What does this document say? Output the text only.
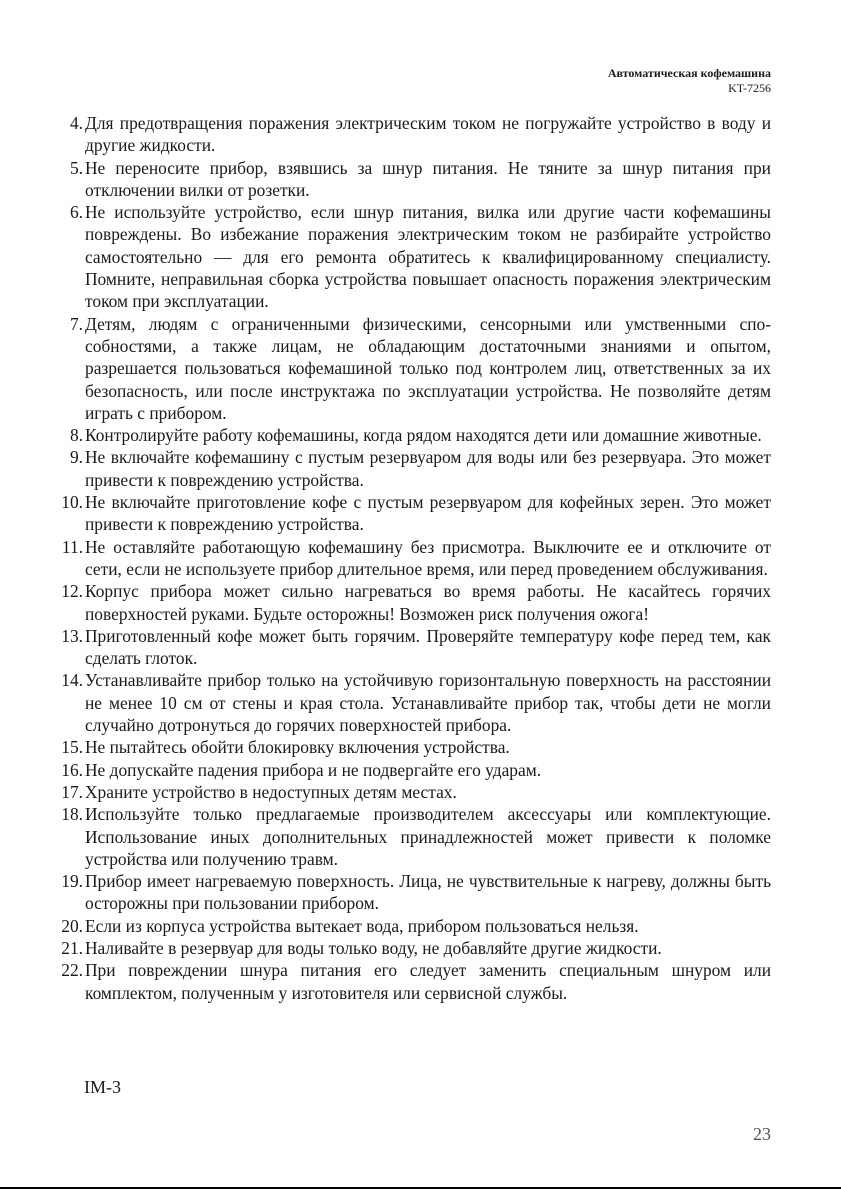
Автоматическая кофемашина
KT-7256
4. Для предотвращения поражения электрическим током не погружайте устройство в воду и другие жидкости.
5. Не переносите прибор, взявшись за шнур питания. Не тяните за шнур питания при отключении вилки от розетки.
6. Не используйте устройство, если шнур питания, вилка или другие части кофемашины повреждены. Во избежание поражения электрическим током не разбирайте устройство самостоятельно — для его ремонта обратитесь к квалифицированному специалисту. Помните, неправильная сборка устройства повышает опасность поражения электрическим током при эксплуатации.
7. Детям, людям с ограниченными физическими, сенсорными или умственными способностями, а также лицам, не обладающим достаточными знаниями и опытом, разрешается пользоваться кофемашиной только под контролем лиц, ответственных за их безопасность, или после инструктажа по эксплуатации устройства. Не позволяйте детям играть с прибором.
8. Контролируйте работу кофемашины, когда рядом находятся дети или домашние животные.
9. Не включайте кофемашину с пустым резервуаром для воды или без резервуара. Это может привести к повреждению устройства.
10. Не включайте приготовление кофе с пустым резервуаром для кофейных зерен. Это может привести к повреждению устройства.
11. Не оставляйте работающую кофемашину без присмотра. Выключите ее и отключите от сети, если не используете прибор длительное время, или перед проведением обслуживания.
12. Корпус прибора может сильно нагреваться во время работы. Не касайтесь горячих поверхностей руками. Будьте осторожны! Возможен риск получения ожога!
13. Приготовленный кофе может быть горячим. Проверяйте температуру кофе перед тем, как сделать глоток.
14. Устанавливайте прибор только на устойчивую горизонтальную поверхность на расстоянии не менее 10 см от стены и края стола. Устанавливайте прибор так, чтобы дети не могли случайно дотронуться до горячих поверхностей прибора.
15. Не пытайтесь обойти блокировку включения устройства.
16. Не допускайте падения прибора и не подвергайте его ударам.
17. Храните устройство в недоступных детям местах.
18. Используйте только предлагаемые производителем аксессуары или комплектующие. Использование иных дополнительных принадлежностей может привести к поломке устройства или получению травм.
19. Прибор имеет нагреваемую поверхность. Лица, не чувствительные к нагреву, должны быть осторожны при пользовании прибором.
20. Если из корпуса устройства вытекает вода, прибором пользоваться нельзя.
21. Наливайте в резервуар для воды только воду, не добавляйте другие жидкости.
22. При повреждении шнура питания его следует заменить специальным шнуром или комплектом, полученным у изготовителя или сервисной службы.
IM-3
23
